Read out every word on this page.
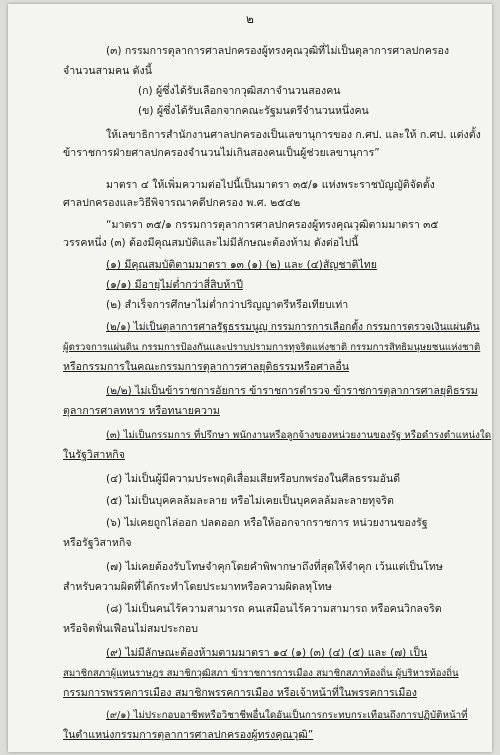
๒
(๓) กรรมการตุลาการศาลปกครองผู้ทรงคุณวุฒิที่ไม่เป็นตุลาการศาลปกครอง
จำนวนสามคน ดังนี้
(ก) ผู้ซึ่งได้รับเลือกจากวุฒิสภาจำนวนสองคน
(ข) ผู้ซึ่งได้รับเลือกจากคณะรัฐมนตรีจำนวนหนึ่งคน
ให้เลขาธิการสำนักงานศาลปกครองเป็นเลขานุการของ ก.ศป. และให้ ก.ศป. แต่งตั้ง
ข้าราชการฝ่ายศาลปกครองจำนวนไม่เกินสองคนเป็นผู้ช่วยเลขานุการ”
มาตรา ๔ ให้เพิ่มความต่อไปนี้เป็นมาตรา ๓๕/๑ แห่งพระราชบัญญัติจัดตั้ง
ศาลปกครองและวิธีพิจารณาคดีปกครอง พ.ศ. ๒๕๔๒
“มาตรา ๓๕/๑ กรรมการตุลาการศาลปกครองผู้ทรงคุณวุฒิตามมาตรา ๓๕
วรรคหนึ่ง (๓) ต้องมีคุณสมบัติและไม่มีลักษณะต้องห้าม ดังต่อไปนี้
(๑) มีคุณสมบัติตามมาตรา ๑๓ (๑) (๒) และ (๔)สัญชาติไทย
(๑/๑) มีอายุไม่ต่ำกว่าสี่สิบห้าปี
(๒) สำเร็จการศึกษาไม่ต่ำกว่าปริญญาตรีหรือเทียบเท่า
(๒/๑) ไม่เป็นตุลาการศาลรัฐธรรมนูญ กรรมการการเลือกตั้ง กรรมการตรวจเงินแผ่นดิน
ผู้ตรวจการแผ่นดิน กรรมการป้องกันและปราบปรามการทุจริตแห่งชาติ กรรมการสิทธิมนุษยชนแห่งชาติ
หรือกรรมการในคณะกรรมการตุลาการศาลยุติธรรมหรือศาลอื่น
(๒/๒) ไม่เป็นข้าราชการอัยการ ข้าราชการตำรวจ ข้าราชการตุลาการศาลยุติธรรม
ตุลาการศาลทหาร หรือทนายความ
(๓) ไม่เป็นกรรมการ ที่ปรึกษา พนักงานหรือลูกจ้างของหน่วยงานของรัฐ หรือดำรงตำแหน่งใด
ในรัฐวิสาหกิจ
(๔) ไม่เป็นผู้มีความประพฤติเสื่อมเสียหรือบกพร่องในศีลธรรมอันดี
(๕) ไม่เป็นบุคคลล้มละลาย หรือไม่เคยเป็นบุคคลล้มละลายทุจริต
(๖) ไม่เคยถูกไล่ออก ปลดออก หรือให้ออกจากราชการ หน่วยงานของรัฐ
หรือรัฐวิสาหกิจ
(๗) ไม่เคยต้องรับโทษจำคุกโดยคำพิพากษาถึงที่สุดให้จำคุก เว้นแต่เป็นโทษ
สำหรับความผิดที่ได้กระทำโดยประมาทหรือความผิดลหุโทษ
(๘) ไม่เป็นคนไร้ความสามารถ คนเสมือนไร้ความสามารถ หรือคนวิกลจริต
หรือจิตฟั่นเฟือนไม่สมประกอบ
(๙) ไม่มีลักษณะต้องห้ามตามมาตรา ๑๔ (๑) (๓) (๔) (๕) และ (๗) เป็น
สมาชิกสภาผู้แทนราษฎร สมาชิกวุฒิสภา ข้าราชการการเมือง สมาชิกสภาท้องถิ่น ผู้บริหารท้องถิ่น
กรรมการพรรคการเมือง สมาชิกพรรคการเมือง หรือเจ้าหน้าที่ในพรรคการเมือง
(๙/๑) ไม่ประกอบอาชีพหรือวิชาชีพอื่นใดอันเป็นการกระทบกระเทือนถึงการปฏิบัติหน้าที่
ในตำแหน่งกรรมการตุลาการศาลปกครองผู้ทรงคุณวุฒิ”
